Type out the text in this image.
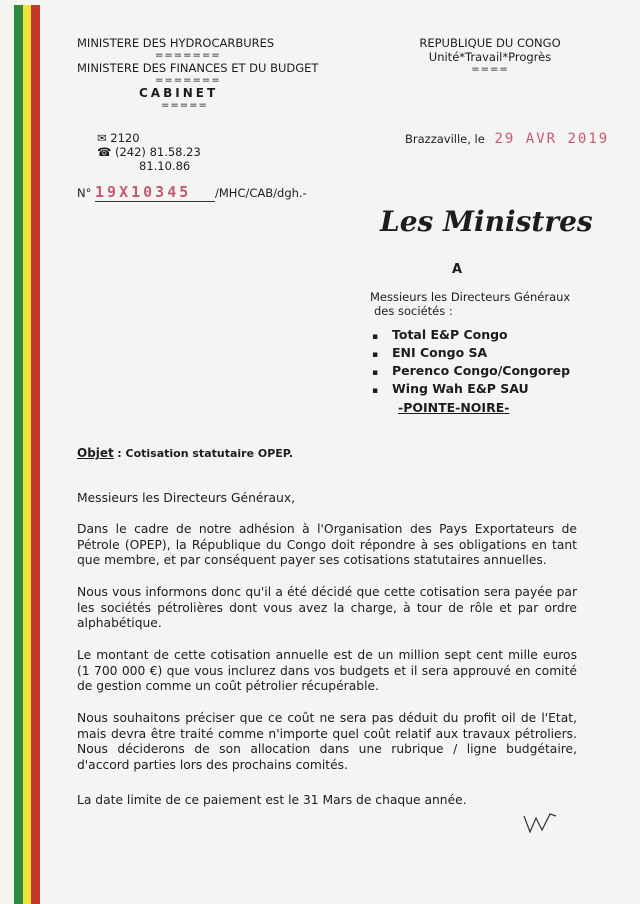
MINISTERE DES HYDROCARBURES
=======
MINISTERE DES FINANCES ET DU BUDGET
=======
CABINET
=====
✉ 2120
☎ (242) 81.58.23
81.10.86
N° 19X10345 /MHC/CAB/dgh.-
REPUBLIQUE DU CONGO
Unité*Travail*Progrès
====
Brazzaville, le 29 AVR 2019
Les Ministres
A
Messieurs les Directeurs Généraux
des sociétés :
▪ Total E&P Congo
▪ ENI Congo SA
▪ Perenco Congo/Congorep
▪ Wing Wah E&P SAU
-POINTE-NOIRE-
Objet : Cotisation statutaire OPEP.
Messieurs les Directeurs Généraux,
Dans le cadre de notre adhésion à l'Organisation des Pays Exportateurs de Pétrole (OPEP), la République du Congo doit répondre à ses obligations en tant que membre, et par conséquent payer ses cotisations statutaires annuelles.
Nous vous informons donc qu'il a été décidé que cette cotisation sera payée par les sociétés pétrolières dont vous avez la charge, à tour de rôle et par ordre alphabétique.
Le montant de cette cotisation annuelle est de un million sept cent mille euros (1 700 000 €) que vous inclurez dans vos budgets et il sera approuvé en comité de gestion comme un coût pétrolier récupérable.
Nous souhaitons préciser que ce coût ne sera pas déduit du profit oil de l'Etat, mais devra être traité comme n'importe quel coût relatif aux travaux pétroliers. Nous déciderons de son allocation dans une rubrique / ligne budgétaire, d'accord parties lors des prochains comités.
La date limite de ce paiement est le 31 Mars de chaque année.
